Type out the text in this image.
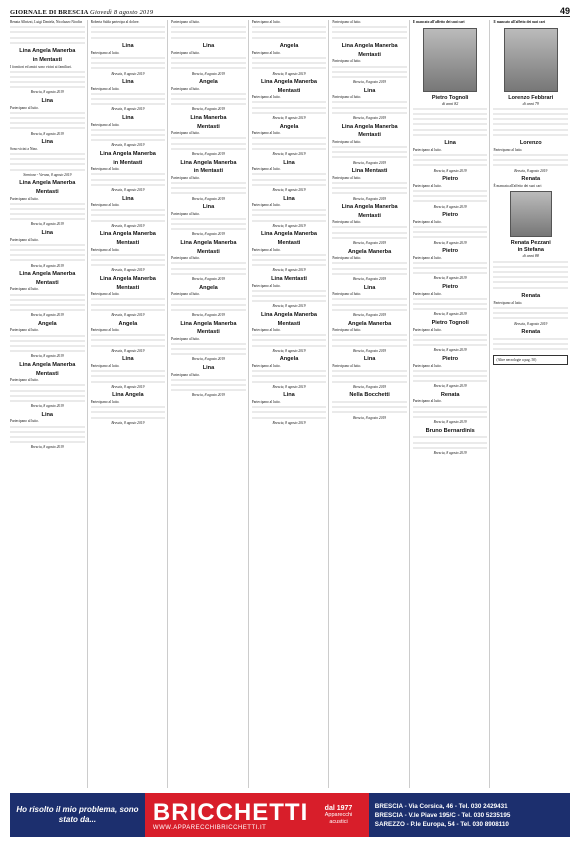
GIORNALE DI BRESCIA Giovedì 8 agosto 2019	49
Renata Albrizzi, Luigi Daniela, Nicolazzo Nicolin
Lina Angela Manerba
in Mentasti
I fornitori ed amici sono vicini ai familiari.
Brescia, 8 agosto 2019
Lina
Partecipano al lutto.
Brescia, 8 agosto 2019
Lina
Sono vicini a Nino.
Sirmione - Verona, 8 agosto 2019
Lina Angela Manerba
Mentasti
Partecipano al lutto.
Brescia, 8 agosto 2019
Lina
Partecipano al lutto.
Brescia, 8 agosto 2019
Lina Angela Manerba
Mentasti
Partecipano al lutto.
Brescia, 8 agosto 2019
Angela
Partecipano al lutto.
Brescia, 8 agosto 2019
Lina Angela Manerba
Mentasti
Partecipano al lutto.
Brescia, 8 agosto 2019
Lina
Partecipano al lutto.
Brescia, 8 agosto 2019
Roberta Salda partecipa al dolore.
Lina
Partecipano al lutto.
Brescia, 8 agosto 2019
Lina
Partecipano al lutto.
Brescia, 8 agosto 2019
Lina
Partecipano al lutto.
Brescia, 8 agosto 2019
Lina Angela Manerba
in Mentasti
Partecipano al lutto.
Brescia, 8 agosto 2019
Lina
Partecipano al lutto.
Brescia, 8 agosto 2019
Lina Angela Manerba
Mentasti
Partecipano al lutto.
Brescia, 8 agosto 2019
Lina Angela Manerba
Mentasti
Partecipano al lutto.
Brescia, 8 agosto 2019
Angela
Partecipano al lutto.
Brescia, 8 agosto 2019
Lina
Partecipano al lutto.
Brescia, 8 agosto 2019
Lina Angela
Partecipano al lutto.
Brescia, 8 agosto 2019
Partecipano al lutto.
Lina
Partecipano al lutto.
Brescia, 8 agosto 2019
Angela
Partecipano al lutto.
Brescia, 8 agosto 2019
Lina Manerba
Mentasti
Partecipano al lutto.
Brescia, 8 agosto 2019
Lina Angela Manerba
in Mentasti
Partecipano al lutto.
Brescia, 8 agosto 2019
Lina
Partecipano al lutto.
Brescia, 8 agosto 2019
Lina Angela Manerba
Mentasti
Partecipano al lutto.
Brescia, 8 agosto 2019
Angela
Partecipano al lutto.
Brescia, 8 agosto 2019
Lina Angela Manerba
Mentasti
Partecipano al lutto.
Brescia, 8 agosto 2019
Lina
Partecipano al lutto.
Brescia, 8 agosto 2019
Partecipano al lutto.
Angela
Partecipano al lutto.
Brescia, 8 agosto 2019
Lina Angela Manerba
Mentasti
Partecipano al lutto.
Brescia, 8 agosto 2019
Angela
Partecipano al lutto.
Brescia, 8 agosto 2019
Lina
Partecipano al lutto.
Brescia, 8 agosto 2019
Lina
Partecipano al lutto.
Brescia, 8 agosto 2019
Lina Angela Manerba
Mentasti
Partecipano al lutto.
Brescia, 8 agosto 2019
Lina Mentasti
Partecipano al lutto.
Brescia, 8 agosto 2019
Lina Angela Manerba
Mentasti
Partecipano al lutto.
Brescia, 8 agosto 2019
Angela
Partecipano al lutto.
Brescia, 8 agosto 2019
Lina
Partecipano al lutto.
Brescia, 8 agosto 2019
Partecipano al lutto.
Lina Angela Manerba
Mentasti
Partecipano al lutto.
Brescia, 8 agosto 2019
Lina
Partecipano al lutto.
Brescia, 8 agosto 2019
Lina Angela Manerba
Mentasti
Partecipano al lutto.
Brescia, 8 agosto 2019
Lina Mentasti
Partecipano al lutto.
Brescia, 8 agosto 2019
Lina Angela Manerba
Mentasti
Partecipano al lutto.
Brescia, 8 agosto 2019
Angela Manerba
Partecipano al lutto.
Brescia, 8 agosto 2019
Lina
Partecipano al lutto.
Brescia, 8 agosto 2019
Angela Manerba
Partecipano al lutto.
Brescia, 8 agosto 2019
Lina
Partecipano al lutto.
Brescia, 8 agosto 2019
Nella Bocchetti
Brescia, 8 agosto 2019
È mancato all'affetto dei suoi cari
Pietro Tognoli
di anni 82
Lina
Partecipano al lutto.
Brescia, 8 agosto 2019
Pietro
Partecipano al lutto.
Brescia, 8 agosto 2019
Pietro
Partecipano al lutto.
Brescia, 8 agosto 2019
Pietro
Partecipano al lutto.
Brescia, 8 agosto 2019
Pietro
Partecipano al lutto.
Brescia, 8 agosto 2019
Pietro Tognoli
Partecipano al lutto.
Brescia, 8 agosto 2019
Pietro
Partecipano al lutto.
Brescia, 8 agosto 2019
Renata
Partecipano al lutto.
Brescia, 8 agosto 2019
Bruno Bernardinis
Brescia, 8 agosto 2019
È mancato all'affetto dei suoi cari
Lorenzo Febbrari
di anni 79
Lorenzo
Partecipano al lutto.
Brescia, 8 agosto 2019
Renata
È mancata all'affetto dei suoi cari
Renata Pezzani
in Stefana
di anni 88
Renata
Partecipano al lutto.
Brescia, 8 agosto 2019
Renata
(Altre necrologie a pag. 50)
Ho risolto il mio problema, sono stato da...	BRICCHETTI
WWW.APPARECCHIBRICCHETTI.IT
dal 1977
Apparecchi
acustici
BRESCIA - Via Corsica, 46 - Tel. 030 2429431
BRESCIA - V.le Piave 195/C - Tel. 030 5235195
SAREZZO - P.le Europa, 54 - Tel. 030 8908110
